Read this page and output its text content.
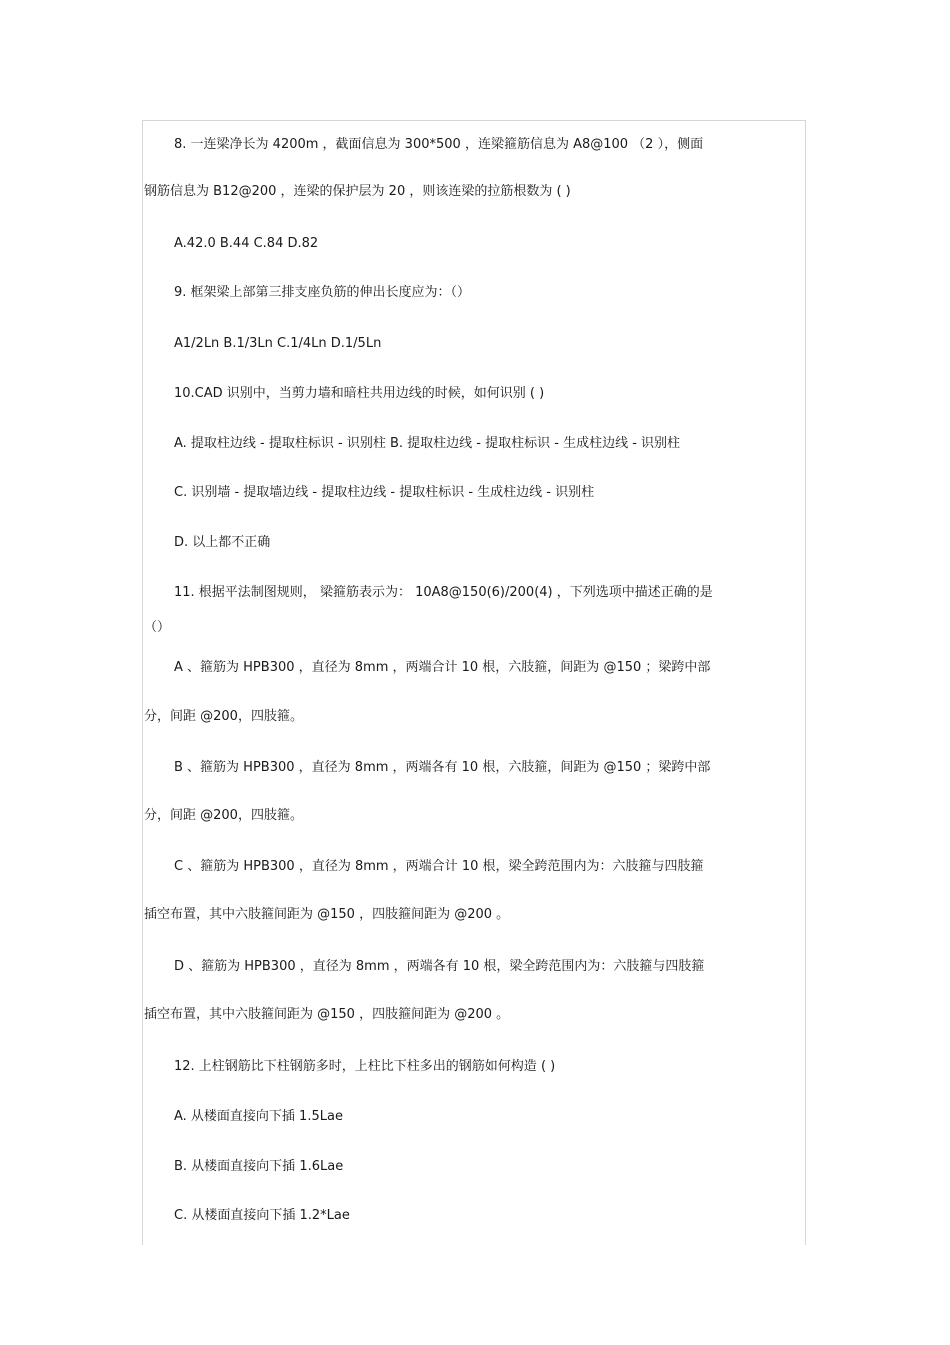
8. 一连梁净长为 4200m ，截面信息为 300*500 ，连梁箍筋信息为 A8@100 （2 ），侧面
钢筋信息为 B12@200 ，连梁的保护层为 20 ，则该连梁的拉筋根数为 ( )
A.42.0 B.44 C.84 D.82
9. 框架梁上部第三排支座负筋的伸出长度应为：（）
A1/2Ln B.1/3Ln C.1/4Ln D.1/5Ln
10.CAD 识别中，当剪力墙和暗柱共用边线的时候，如何识别 ( )
A. 提取柱边线 - 提取柱标识 - 识别柱 B. 提取柱边线 - 提取柱标识 - 生成柱边线 - 识别柱
C. 识别墙 - 提取墙边线 - 提取柱边线 - 提取柱标识 - 生成柱边线 - 识别柱
D. 以上都不正确
11. 根据平法制图规则， 梁箍筋表示为： 10A8@150(6)/200(4) ，下列选项中描述正确的是
（）
A 、箍筋为 HPB300 ，直径为 8mm ，两端合计 10 根，六肢箍，间距为 @150 ；梁跨中部
分，间距 @200，四肢箍。
B 、箍筋为 HPB300 ，直径为 8mm ，两端各有 10 根，六肢箍，间距为 @150 ；梁跨中部
分，间距 @200，四肢箍。
C 、箍筋为 HPB300 ，直径为 8mm ，两端合计 10 根，梁全跨范围内为：六肢箍与四肢箍
插空布置，其中六肢箍间距为 @150 ，四肢箍间距为 @200 。
D 、箍筋为 HPB300 ，直径为 8mm ，两端各有 10 根，梁全跨范围内为：六肢箍与四肢箍
插空布置，其中六肢箍间距为 @150 ，四肢箍间距为 @200 。
12. 上柱钢筋比下柱钢筋多时，上柱比下柱多出的钢筋如何构造 ( )
A. 从楼面直接向下插 1.5Lae
B. 从楼面直接向下插 1.6Lae
C. 从楼面直接向下插 1.2*Lae
